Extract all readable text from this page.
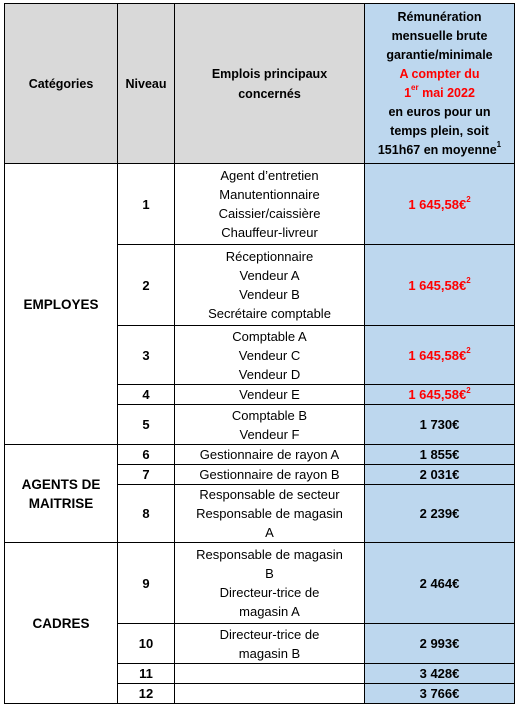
Catégories	Niveau	Emplois principaux concernés	Rémunération mensuelle brute garantie/minimale
A compter du
1er mai 2022
en euros pour un temps plein, soit 151h67 en moyenne$^1$
EMPLOYES	1	Agent d’entretien
Manutentionnaire
Caissier/caissière
Chauffeur-livreur	1 645,58€$^2$
	2	Réceptionnaire
Vendeur A
Vendeur B
Secrétaire comptable	1 645,58€$^2$
	3	Comptable A
Vendeur C
Vendeur D	1 645,58€$^2$
	4	Vendeur E	1 645,58€$^2$
	5	Comptable B
Vendeur F	1 730€
AGENTS DE MAITRISE	6	Gestionnaire de rayon A	1 855€
	7	Gestionnaire de rayon B	2 031€
	8	Responsable de secteur
Responsable de magasin
A	2 239€
CADRES	9	Responsable de magasin
B
Directeur-trice de
magasin A	2 464€
	10	Directeur-trice de
magasin B	2 993€
	11		3 428€
	12		3 766€
